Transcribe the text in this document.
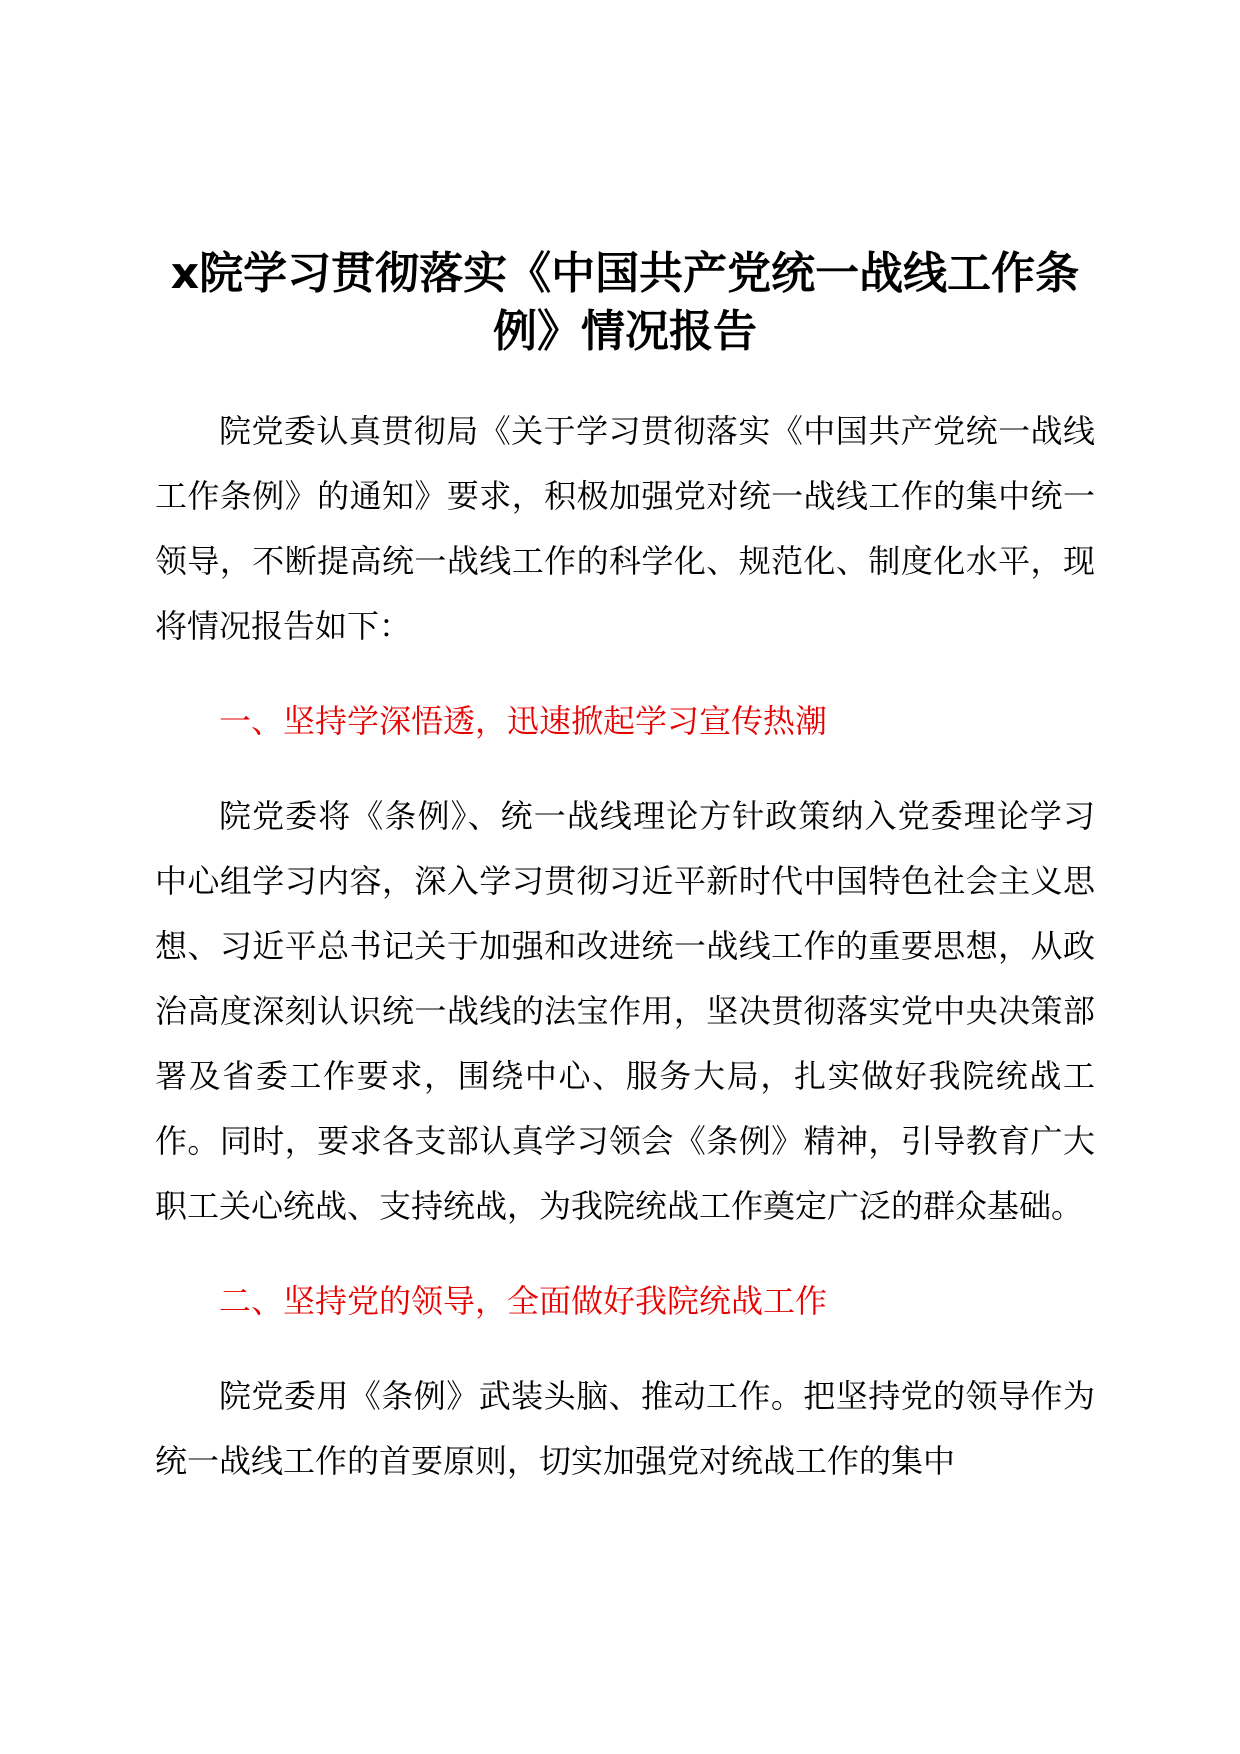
x院学习贯彻落实《中国共产党统一战线工作条例》情况报告

院党委认真贯彻局《关于学习贯彻落实《中国共产党统一战线工作条例》的通知》要求，积极加强党对统一战线工作的集中统一领导，不断提高统一战线工作的科学化、规范化、制度化水平，现将情况报告如下：

一、坚持学深悟透，迅速掀起学习宣传热潮

院党委将《条例》、统一战线理论方针政策纳入党委理论学习中心组学习内容，深入学习贯彻习近平新时代中国特色社会主义思想、习近平总书记关于加强和改进统一战线工作的重要思想，从政治高度深刻认识统一战线的法宝作用，坚决贯彻落实党中央决策部署及省委工作要求，围绕中心、服务大局，扎实做好我院统战工作。同时，要求各支部认真学习领会《条例》精神，引导教育广大职工关心统战、支持统战，为我院统战工作奠定广泛的群众基础。

二、坚持党的领导，全面做好我院统战工作

院党委用《条例》武装头脑、推动工作。把坚持党的领导作为统一战线工作的首要原则，切实加强党对统战工作的集中
